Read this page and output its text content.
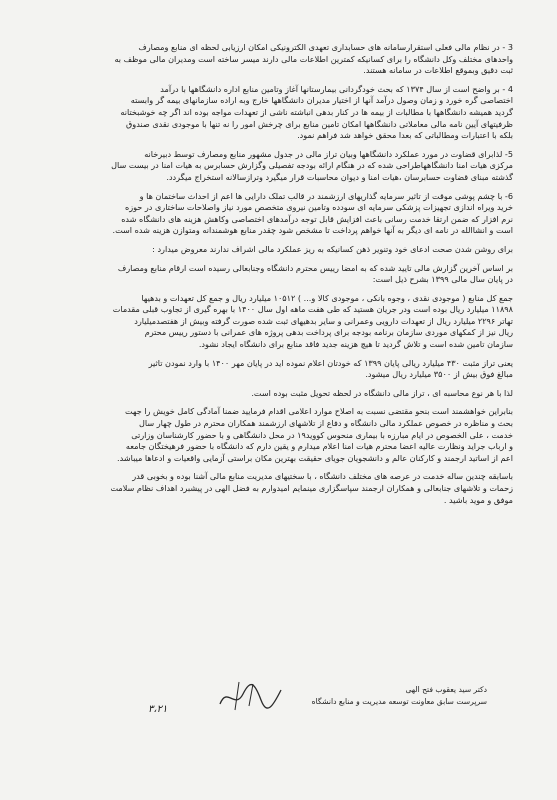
3 - در نظام مالی فعلی استقرارسامانه های حسابداری تعهدی الکترونیکی امکان ارزیابی لحظه ای منابع ومصارف
واحدهای مختلف وکل دانشگاه را برای کسانیکه کمترین اطلاعات مالی دارند میسر ساخته است ومدیران مالی موظف به
ثبت دقیق وبموقع اطلاعات در سامانه هستند.

4 - بر واضح است از سال ۱۳۷۴ که بحث خودگردانی بیمارستانها آغاز وتامین منابع اداره دانشگاهها با درآمد
اختصاصی گره خورد و زمان وصول درآمد آنها از اختیار مدیران دانشگاهها خارج وبه اراده سازمانهای بیمه گر وابسته
گردید همیشه دانشگاهها با مطالبات از بیمه ها در کنار بدهی انباشته ناشی از تعهدات مواجه بوده اند اگر چه خوشبختانه
ظرفیتهای آیین نامه مالی معاملاتی دانشگاهها امکان تامین منابع برای چرخش امور را نه تنها با موجودی نقدی صندوق
بلکه با اعتبارات ومطالباتی که بعدا محقق خواهد شد فراهم نمود.

5- لذابرای قضاوت در مورد عملکرد دانشگاهها وبیان تراز مالی در جدول مشهور منابع ومصارف توسط دبیرخانه
مرکزی هیات امنا دانشگاههاطراحی شده که در هنگام ارائه بودجه تفصیلی وگزارش حسابرس به هیات امنا در بیست سال
گذشته مبنای قضاوت حسابرسان ،هیات امنا و دیوان محاسبات قرار میگیرد وترازسالانه استخراج میگردد.

6- با چشم پوشی موقت از تاثیر سرمایه گذاریهای ارزشمند در قالب تملک دارایی ها اعم از احداث ساختمان ها و
خرید ویراه اندازی تجهیزات پزشکی سرمایه ای سودده وتامین نیروی متخصص مورد نیاز واصلاحات ساختاری در حوزه
نرم افزار که ضمن ارتقا خدمت رسانی باعث افزایش قابل توجه درآمدهای اختصاصی وکاهش هزینه های دانشگاه شده
است و انشاالله در نامه ای دیگر به آنها خواهم پرداخت تا مشخص شود چقدر منابع هوشمندانه ومتوازن هزینه شده است.

برای روشن شدن صحت ادعای خود وتنویر ذهن کسانیکه به ریز عملکرد مالی اشراف ندارند معروض میدارد :

بر اساس آخرین گزارش مالی تایید شده که به امضا رییس محترم دانشگاه وجنابعالی رسیده است ارقام منابع ومصارف
در پایان سال مالی ۱۳۹۹ بشرح ذیل است:

جمع کل منابع ( موجودی نقدی ، وجوه بانکی ، موجودی کالا و... ) ۱۰۵۱۲ میلیارد ریال و جمع کل تعهدات و بدهیها
۱۱۸۹۸ میلیارد ریال بوده است ودر جریان هستید که طی هفت ماهه اول سال ۱۴۰۰ با بهره گیری از تجاوب قبلی مقدمات
تهاتر ۲۲۹۶ میلیارد ریال از تعهدات دارویی وعمرانی و سایر بدهیهای ثبت شده صورت گرفته وبیش از هفتصدمیلیارد
ریال نیز از کمکهای موردی سازمان برنامه بودجه برای پرداخت بدهی پروژه های عمرانی با دستور رییس محترم
سازمان تامین شده است و تلاش گردید تا هیچ هزینه جدید فاقد منابع برای دانشگاه ایجاد نشود.

یعنی تراز مثبت ۴۳۰ میلیارد ریالی پایان ۱۳۹۹ که خودتان اعلام نموده اید در پایان مهر ۱۴۰۰ با وارد نمودن تاثیر
مبالغ فوق بیش از ۳۵۰۰ میلیارد ریال میشود.

لذا با هر نوع محاسبه ای ، تراز مالی دانشگاه در لحظه تحویل مثبت بوده است.

بنابراین خواهشمند است بنحو مقتضی نسبت به اصلاح موارد اعلامی اقدام فرمایید ضمنا آمادگی کامل خویش را جهت
بحث و مناظره در خصوص عملکرد مالی دانشگاه و دفاع از تلاشهای ارزشمند همکاران محترم در طول چهار سال
خدمت ، علی الخصوص در ایام مبارزه با بیماری منحوس کووید۱۹ در محل دانشگاهی و با حضور کارشناسان وزارتی
و ارباب جراید ونظارت عالیه اعضا محترم هیات امنا اعلام میدارم و یقین دارم که دانشگاه با حضور فرهیختگان جامعه
اعم از اساتید ارجمند و کارکنان عالم و دانشجویان جویای حقیقت بهترین مکان براستی آزمایی واقعیات و ادعاها میباشد.

باسابقه چندین ساله خدمت در عرصه های مختلف دانشگاه ، با سختیهای مدیریت منابع مالی آشنا بوده و بخوبی قدر
زحمات و تلاشهای جنابعالی و همکاران ارجمند سپاسگزاری مینمایم امیدوارم به فضل الهی در پیشبرد اهداف نظام سلامت
موفق و موید باشید .

۳،۲۱
دکتر سید یعقوب فتح الهی
سرپرست سابق معاونت توسعه مدیریت و منابع دانشگاه
